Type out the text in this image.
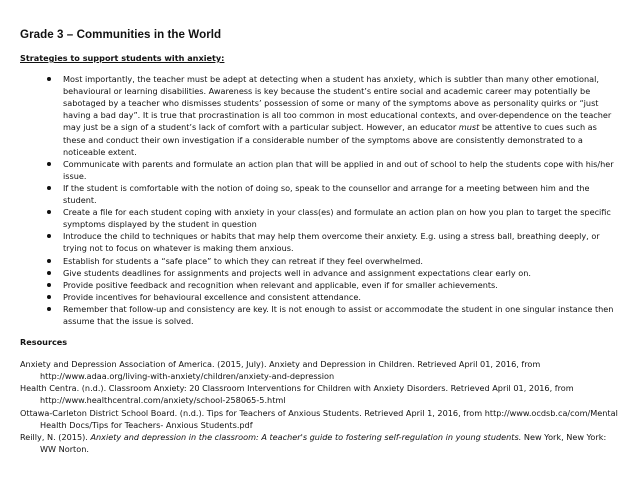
Grade 3 – Communities in the World

Strategies to support students with anxiety:

Most importantly, the teacher must be adept at detecting when a student has anxiety, which is subtler than many other emotional, behavioural or learning disabilities. Awareness is key because the student’s entire social and academic career may potentially be sabotaged by a teacher who dismisses students’ possession of some or many of the symptoms above as personality quirks or “just having a bad day”. It is true that procrastination is all too common in most educational contexts, and over-dependence on the teacher may just be a sign of a student’s lack of comfort with a particular subject. However, an educator must be attentive to cues such as these and conduct their own investigation if a considerable number of the symptoms above are consistently demonstrated to a noticeable extent.
Communicate with parents and formulate an action plan that will be applied in and out of school to help the students cope with his/her issue.
If the student is comfortable with the notion of doing so, speak to the counsellor and arrange for a meeting between him and the student.
Create a file for each student coping with anxiety in your class(es) and formulate an action plan on how you plan to target the specific symptoms displayed by the student in question
Introduce the child to techniques or habits that may help them overcome their anxiety. E.g. using a stress ball, breathing deeply, or trying not to focus on whatever is making them anxious.
Establish for students a “safe place” to which they can retreat if they feel overwhelmed.
Give students deadlines for assignments and projects well in advance and assignment expectations clear early on.
Provide positive feedback and recognition when relevant and applicable, even if for smaller achievements.
Provide incentives for behavioural excellence and consistent attendance.
Remember that follow-up and consistency are key. It is not enough to assist or accommodate the student in one singular instance then assume that the issue is solved.

Resources

Anxiety and Depression Association of America. (2015, July). Anxiety and Depression in Children. Retrieved April 01, 2016, from http://www.adaa.org/living-with-anxiety/children/anxiety-and-depression

Health Centra. (n.d.). Classroom Anxiety: 20 Classroom Interventions for Children with Anxiety Disorders. Retrieved April 01, 2016, from http://www.healthcentral.com/anxiety/school-258065-5.html

Ottawa-Carleton District School Board. (n.d.). Tips for Teachers of Anxious Students. Retrieved April 1, 2016, from http://www.ocdsb.ca/com/Mental Health Docs/Tips for Teachers- Anxious Students.pdf

Reilly, N. (2015). Anxiety and depression in the classroom: A teacher's guide to fostering self-regulation in young students. New York, New York: WW Norton.
